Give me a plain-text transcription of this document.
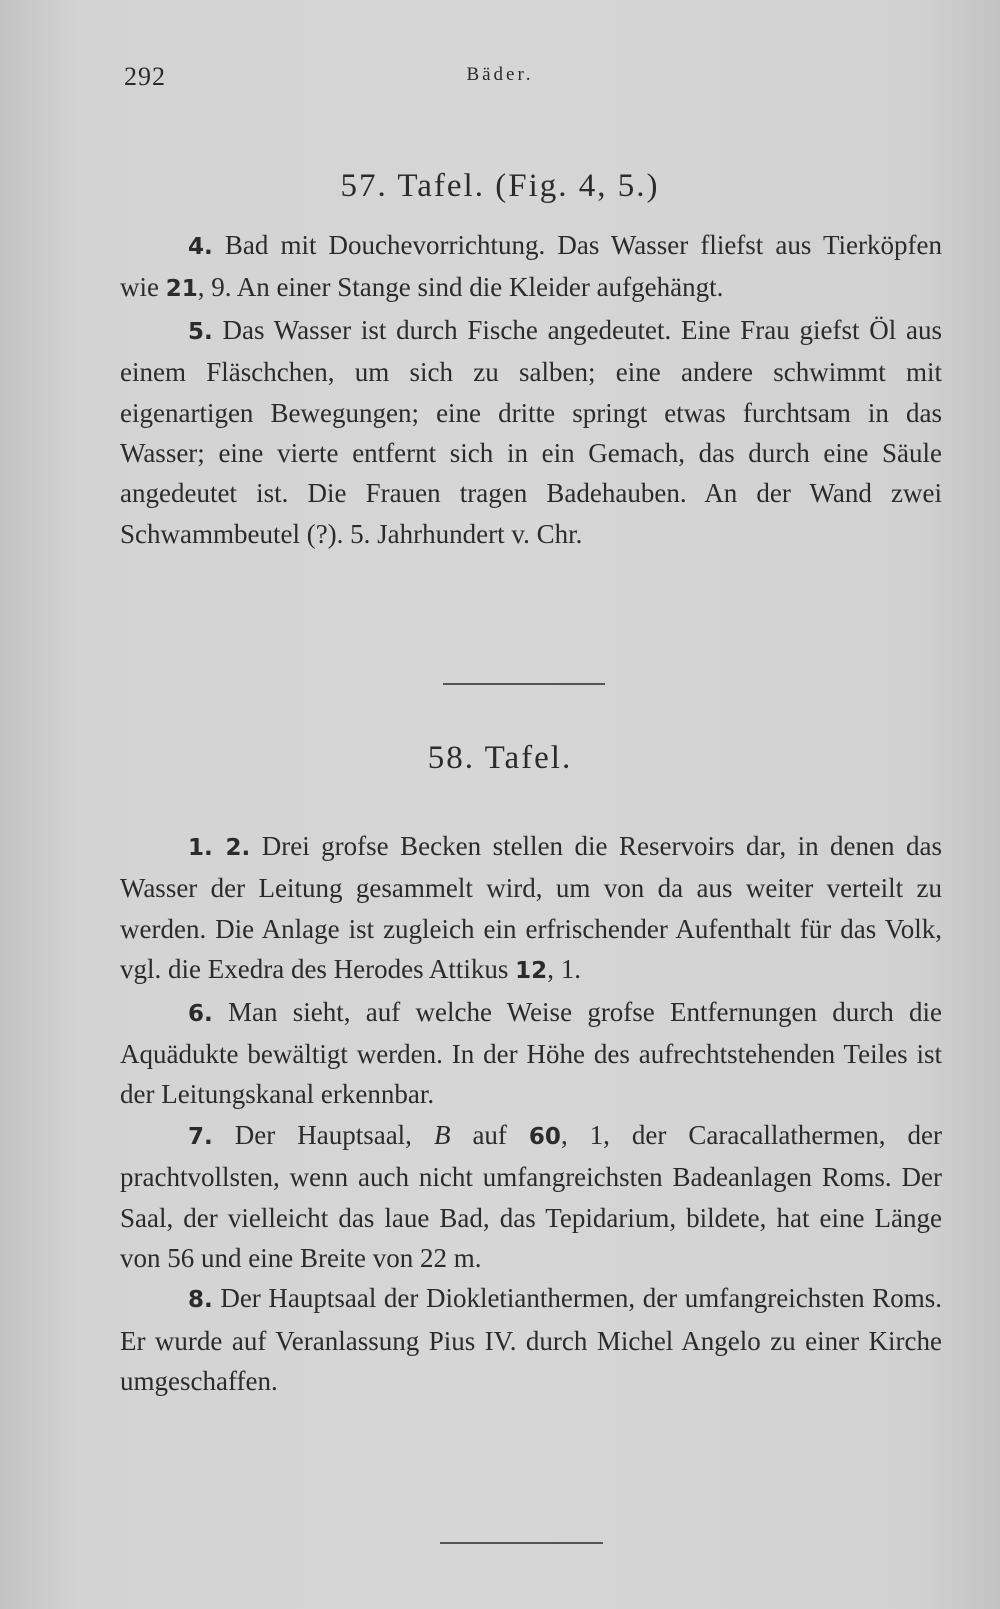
292	Bäder.
57. Tafel. (Fig. 4, 5.)

4. Bad mit Douchevorrichtung. Das Wasser fliefst aus Tierköpfen wie 21, 9. An einer Stange sind die Kleider aufgehängt.

5. Das Wasser ist durch Fische angedeutet. Eine Frau giefst Öl aus einem Fläschchen, um sich zu salben; eine andere schwimmt mit eigenartigen Bewegungen; eine dritte springt etwas furchtsam in das Wasser; eine vierte entfernt sich in ein Gemach, das durch eine Säule angedeutet ist. Die Frauen tragen Badehauben. An der Wand zwei Schwammbeutel (?). 5. Jahrhundert v. Chr.

58. Tafel.

1. 2. Drei grofse Becken stellen die Reservoirs dar, in denen das Wasser der Leitung gesammelt wird, um von da aus weiter verteilt zu werden. Die Anlage ist zugleich ein erfrischender Aufenthalt für das Volk, vgl. die Exedra des Herodes Attikus 12, 1.

6. Man sieht, auf welche Weise grofse Entfernungen durch die Aquädukte bewältigt werden. In der Höhe des aufrechtstehenden Teiles ist der Leitungskanal erkennbar.

7. Der Hauptsaal, B auf 60, 1, der Caracallathermen, der prachtvollsten, wenn auch nicht umfangreichsten Badeanlagen Roms. Der Saal, der vielleicht das laue Bad, das Tepidarium, bildete, hat eine Länge von 56 und eine Breite von 22 m.

8. Der Hauptsaal der Diokletianthermen, der umfangreichsten Roms. Er wurde auf Veranlassung Pius IV. durch Michel Angelo zu einer Kirche umgeschaffen.
